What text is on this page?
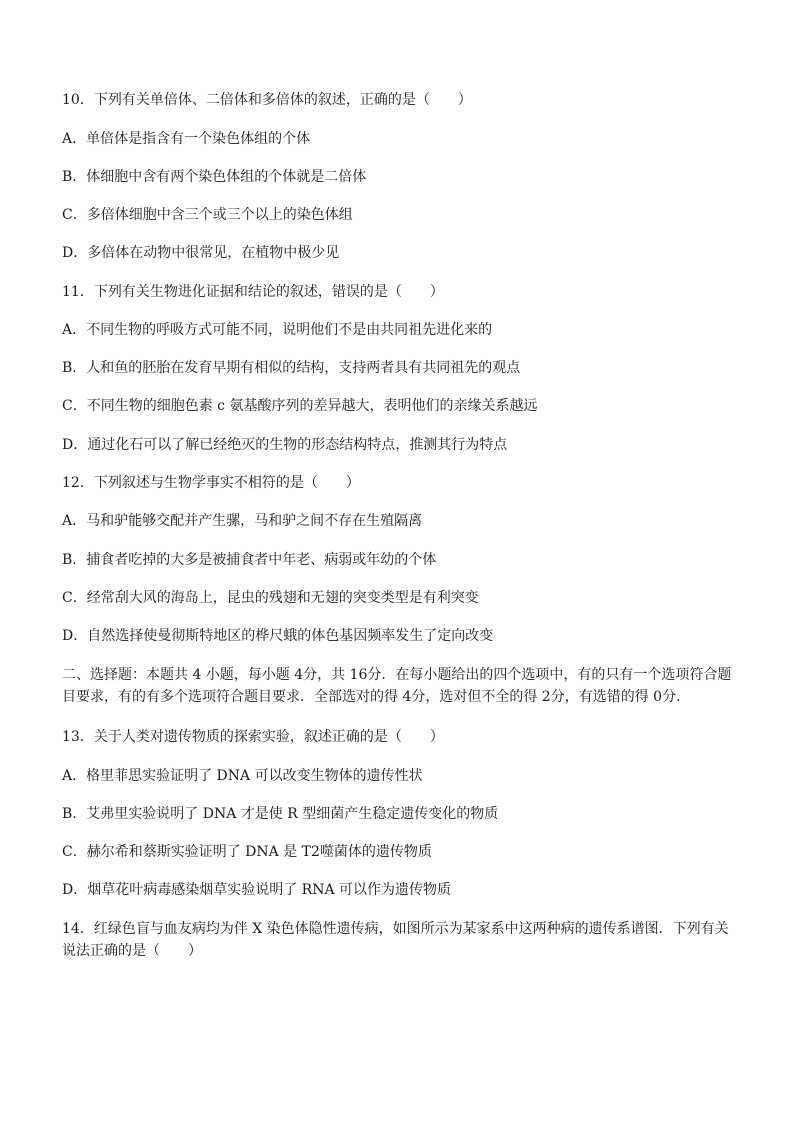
10．下列有关单倍体、二倍体和多倍体的叙述，正确的是（　　）
A．单倍体是指含有一个染色体组的个体
B．体细胞中含有两个染色体组的个体就是二倍体
C．多倍体细胞中含三个或三个以上的染色体组
D．多倍体在动物中很常见，在植物中极少见
11．下列有关生物进化证据和结论的叙述，错误的是（　　）
A．不同生物的呼吸方式可能不同，说明他们不是由共同祖先进化来的
B．人和鱼的胚胎在发育早期有相似的结构，支持两者具有共同祖先的观点
C．不同生物的细胞色素 c 氨基酸序列的差异越大，表明他们的亲缘关系越远
D．通过化石可以了解已经绝灭的生物的形态结构特点，推测其行为特点
12．下列叙述与生物学事实不相符的是（　　）
A．马和驴能够交配并产生骡，马和驴之间不存在生殖隔离
B．捕食者吃掉的大多是被捕食者中年老、病弱或年幼的个体
C．经常刮大风的海岛上，昆虫的残翅和无翅的突变类型是有利突变
D．自然选择使曼彻斯特地区的桦尺蛾的体色基因频率发生了定向改变
二、选择题：本题共 4 小题，每小题 4分，共 16分．在每小题给出的四个选项中，有的只有一个选项符合题目要求，有的有多个选项符合题目要求．全部选对的得 4分，选对但不全的得 2分，有选错的得 0分．
13．关于人类对遗传物质的探索实验，叙述正确的是（　　）
A．格里菲思实验证明了 DNA 可以改变生物体的遗传性状
B．艾弗里实验说明了 DNA 才是使 R 型细菌产生稳定遗传变化的物质
C．赫尔希和蔡斯实验证明了 DNA 是 T2噬菌体的遗传物质
D．烟草花叶病毒感染烟草实验说明了 RNA 可以作为遗传物质
14．红绿色盲与血友病均为伴 X 染色体隐性遗传病，如图所示为某家系中这两种病的遗传系谱图．下列有关说法正确的是（　　）
